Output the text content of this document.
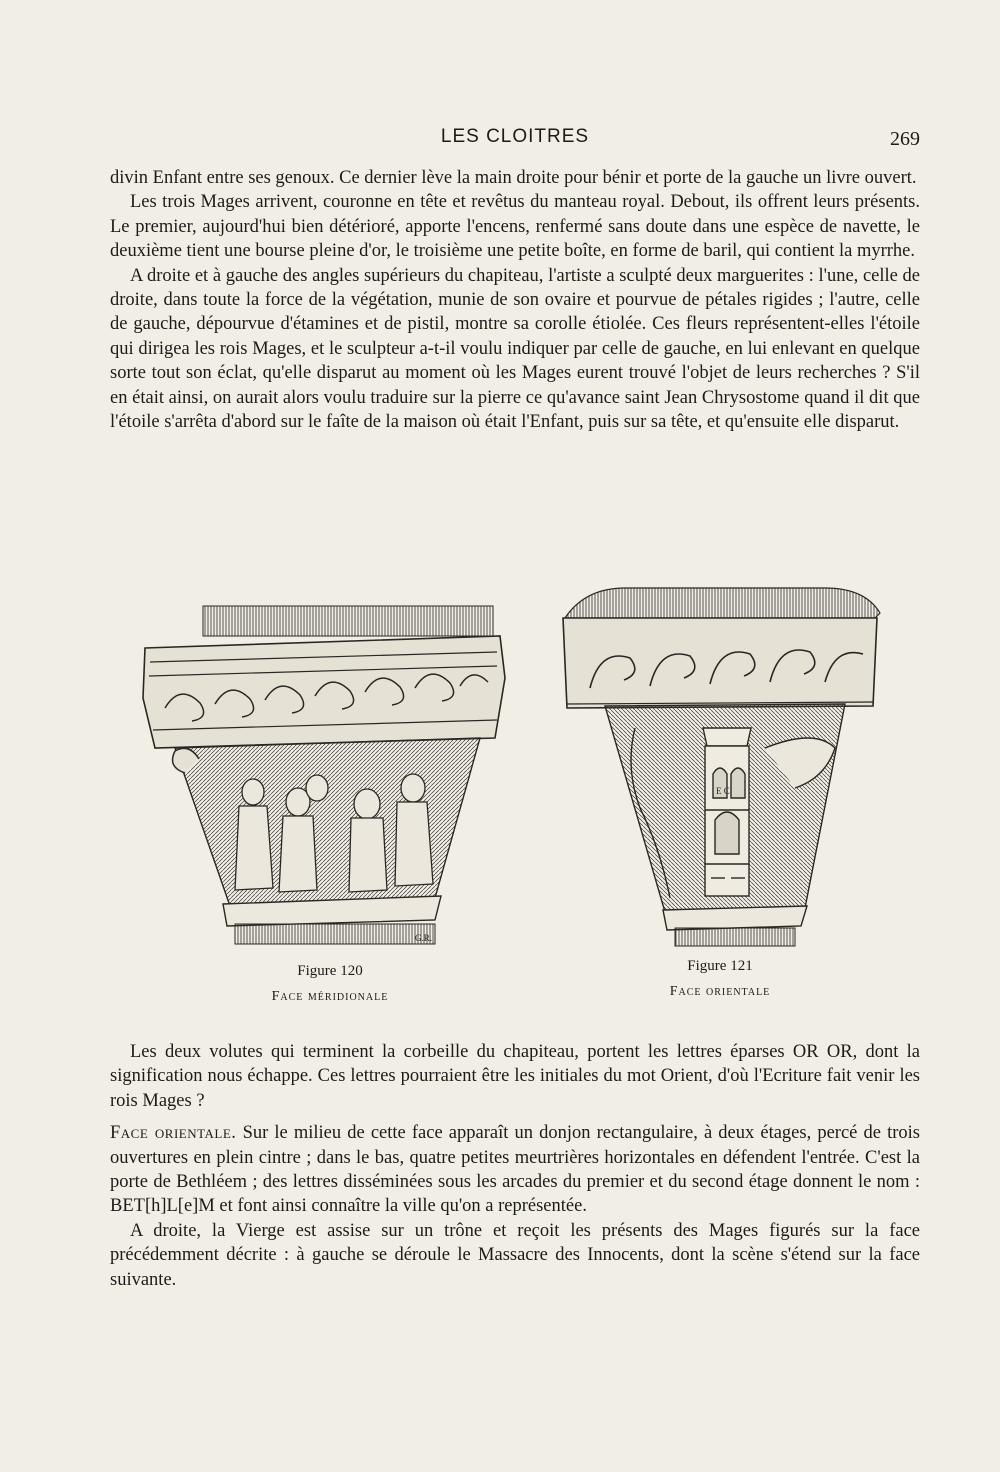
LES CLOITRES	269

divin Enfant entre ses genoux. Ce dernier lève la main droite pour bénir et porte de la gauche un livre ouvert.

Les trois Mages arrivent, couronne en tête et revêtus du manteau royal. Debout, ils offrent leurs présents. Le premier, aujourd'hui bien détérioré, apporte l'encens, renfermé sans doute dans une espèce de navette, le deuxième tient une bourse pleine d'or, le troisième une petite boîte, en forme de baril, qui contient la myrrhe.

A droite et à gauche des angles supérieurs du chapiteau, l'artiste a sculpté deux marguerites : l'une, celle de droite, dans toute la force de la végétation, munie de son ovaire et pourvue de pétales rigides ; l'autre, celle de gauche, dépourvue d'étamines et de pistil, montre sa corolle étiolée. Ces fleurs représentent-elles l'étoile qui dirigea les rois Mages, et le sculpteur a-t-il voulu indiquer par celle de gauche, en lui enlevant en quelque sorte tout son éclat, qu'elle disparut au moment où les Mages eurent trouvé l'objet de leurs recherches ? S'il en était ainsi, on aurait alors voulu traduire sur la pierre ce qu'avance saint Jean Chrysostome quand il dit que l'étoile s'arrêta d'abord sur le faîte de la maison où était l'Enfant, puis sur sa tête, et qu'ensuite elle disparut.

G.R.
Figure 120
Face méridionale
E C
Figure 121
Face orientale

Les deux volutes qui terminent la corbeille du chapiteau, portent les lettres éparses OR OR, dont la signification nous échappe. Ces lettres pourraient être les initiales du mot Orient, d'où l'Ecriture fait venir les rois Mages ?

Face orientale. Sur le milieu de cette face apparaît un donjon rectangulaire, à deux étages, percé de trois ouvertures en plein cintre ; dans le bas, quatre petites meurtrières horizontales en défendent l'entrée. C'est la porte de Bethléem ; des lettres disséminées sous les arcades du premier et du second étage donnent le nom : BET[h]L[e]M et font ainsi connaître la ville qu'on a représentée.

A droite, la Vierge est assise sur un trône et reçoit les présents des Mages figurés sur la face précédemment décrite : à gauche se déroule le Massacre des Innocents, dont la scène s'étend sur la face suivante.
